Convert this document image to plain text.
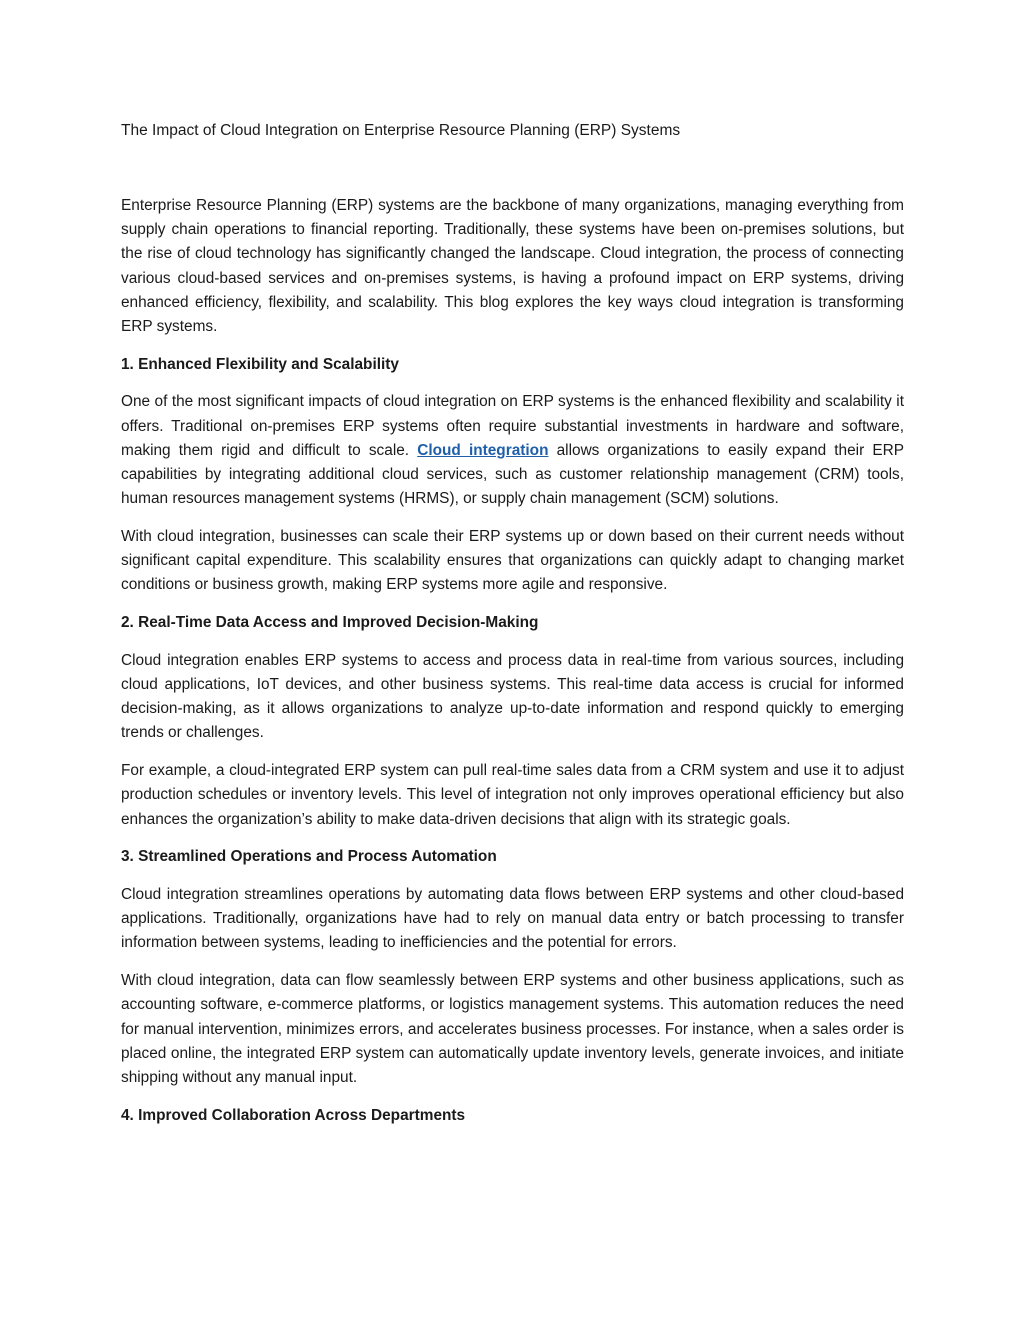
The Impact of Cloud Integration on Enterprise Resource Planning (ERP) Systems

Enterprise Resource Planning (ERP) systems are the backbone of many organizations, managing everything from supply chain operations to financial reporting. Traditionally, these systems have been on-premises solutions, but the rise of cloud technology has significantly changed the landscape. Cloud integration, the process of connecting various cloud-based services and on-premises systems, is having a profound impact on ERP systems, driving enhanced efficiency, flexibility, and scalability. This blog explores the key ways cloud integration is transforming ERP systems.

1. Enhanced Flexibility and Scalability

One of the most significant impacts of cloud integration on ERP systems is the enhanced flexibility and scalability it offers. Traditional on-premises ERP systems often require substantial investments in hardware and software, making them rigid and difficult to scale. Cloud integration allows organizations to easily expand their ERP capabilities by integrating additional cloud services, such as customer relationship management (CRM) tools, human resources management systems (HRMS), or supply chain management (SCM) solutions.

With cloud integration, businesses can scale their ERP systems up or down based on their current needs without significant capital expenditure. This scalability ensures that organizations can quickly adapt to changing market conditions or business growth, making ERP systems more agile and responsive.

2. Real-Time Data Access and Improved Decision-Making

Cloud integration enables ERP systems to access and process data in real-time from various sources, including cloud applications, IoT devices, and other business systems. This real-time data access is crucial for informed decision-making, as it allows organizations to analyze up-to-date information and respond quickly to emerging trends or challenges.

For example, a cloud-integrated ERP system can pull real-time sales data from a CRM system and use it to adjust production schedules or inventory levels. This level of integration not only improves operational efficiency but also enhances the organization’s ability to make data-driven decisions that align with its strategic goals.

3. Streamlined Operations and Process Automation

Cloud integration streamlines operations by automating data flows between ERP systems and other cloud-based applications. Traditionally, organizations have had to rely on manual data entry or batch processing to transfer information between systems, leading to inefficiencies and the potential for errors.

With cloud integration, data can flow seamlessly between ERP systems and other business applications, such as accounting software, e-commerce platforms, or logistics management systems. This automation reduces the need for manual intervention, minimizes errors, and accelerates business processes. For instance, when a sales order is placed online, the integrated ERP system can automatically update inventory levels, generate invoices, and initiate shipping without any manual input.

4. Improved Collaboration Across Departments
